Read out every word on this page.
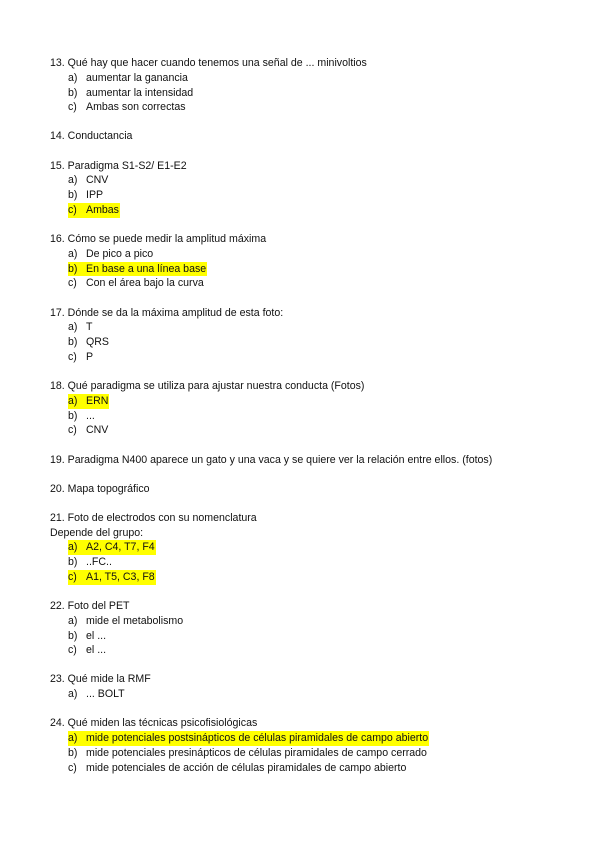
13. Qué hay que hacer cuando tenemos una señal de ... minivoltios
a) aumentar la ganancia
b) aumentar la intensidad
c) Ambas son correctas
14. Conductancia
15. Paradigma S1-S2/ E1-E2
a) CNV
b) IPP
c) Ambas
16. Cómo se puede medir la amplitud máxima
a) De pico a pico
b) En base a una línea base
c) Con el área bajo la curva
17. Dónde se da la máxima amplitud de esta foto:
a) T
b) QRS
c) P
18. Qué paradigma se utiliza para ajustar nuestra conducta (Fotos)
a) ERN
b) ...
c) CNV
19. Paradigma N400 aparece un gato y una vaca y se quiere ver la relación entre ellos. (fotos)
20. Mapa topográfico
21. Foto de electrodos con su nomenclatura
Depende del grupo:
a) A2, C4, T7, F4
b) ..FC..
c) A1, T5, C3, F8
22. Foto del PET
a) mide el metabolismo
b) el ...
c) el ...
23. Qué mide la RMF
a) ... BOLT
24. Qué miden las técnicas psicofisiológicas
a) mide potenciales postsinápticos de células piramidales de campo abierto
b) mide potenciales presinápticos de células piramidales de campo cerrado
c) mide potenciales de acción de células piramidales de campo abierto
